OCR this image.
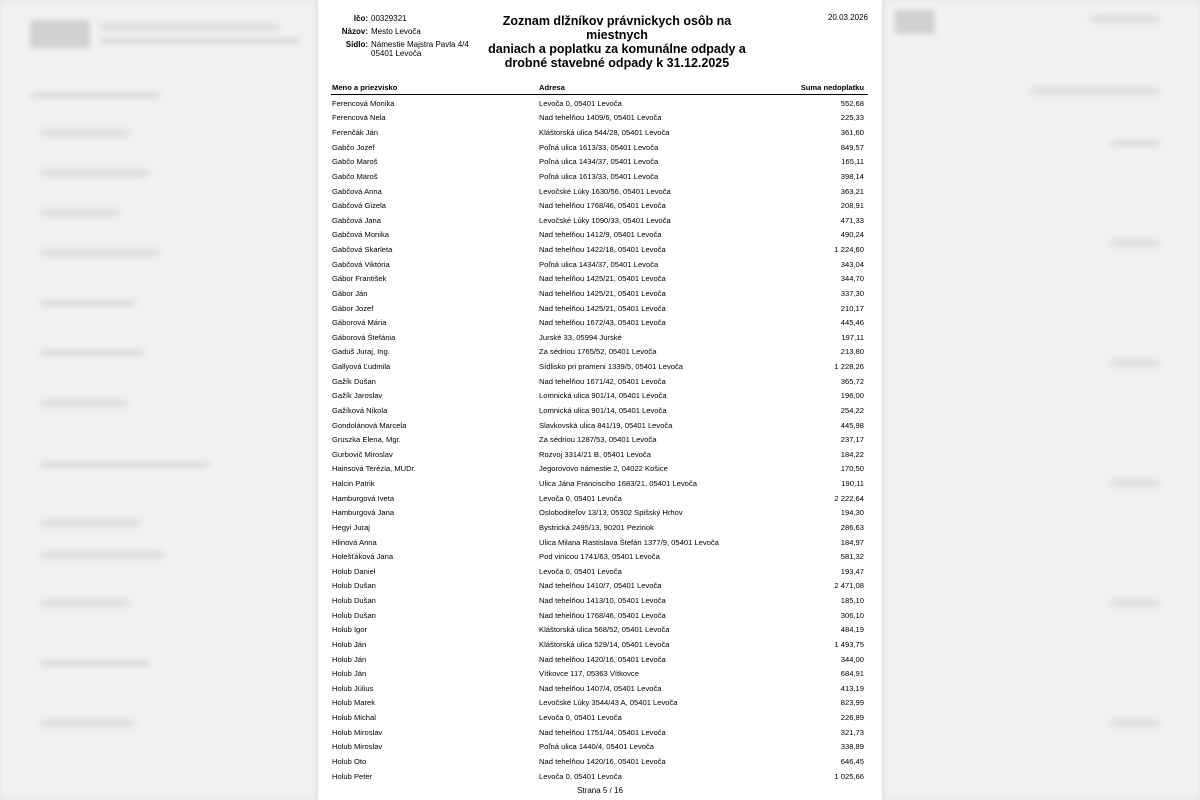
Ičo: 00329321
Názov: Mesto Levoča
Sídlo: Námestie Majstra Pavla 4/4
05401 Levoča
Zoznam dlžníkov právnickych osôb na miestnych
daniach a poplatku za komunálne odpady a
drobné stavebné odpady k 31.12.2025
20.03.2026
Meno a priezvisko	Adresa	Suma nedoplatku
Ferencová Monika	Levoča 0, 05401 Levoča	552,68
Ferencová Nela	Nad tehelňou 1409/6, 05401 Levoča	225,33
Ferenčák Ján	Kláštorská ulica 544/28, 05401 Levoča	361,60
Gabčo Jozef	Poľná ulica 1613/33, 05401 Levoča	849,57
Gabčo Maroš	Poľná ulica 1434/37, 05401 Levoča	165,11
Gabčo Maroš	Poľná ulica 1613/33, 05401 Levoča	398,14
Gabčová Anna	Levočské Lúky 1630/56, 05401 Levoča	363,21
Gabčová Gizela	Nad tehelňou 1768/46, 05401 Levoča	208,91
Gabčová Jana	Levočské Lúky 1090/33, 05401 Levoča	471,33
Gabčová Monika	Nad tehelňou 1412/9, 05401 Levoča	490,24
Gabčová Skarleta	Nad tehelňou 1422/18, 05401 Levoča	1 224,60
Gabčová Viktória	Poľná ulica 1434/37, 05401 Levoča	343,04
Gábor František	Nad tehelňou 1425/21, 05401 Levoča	344,70
Gábor Ján	Nad tehelňou 1425/21, 05401 Levoča	337,30
Gábor Jozef	Nad tehelňou 1425/21, 05401 Levoča	210,17
Gáborová Mária	Nad tehelňou 1672/43, 05401 Levoča	445,46
Gáborová Štefánia	Jurské 33, 05994 Jurské	197,11
Gaduš Juraj, Ing.	Za sédriou 1765/52, 05401 Levoča	213,80
Gallyová Ľudmila	Sídlisko pri prameni 1339/5, 05401 Levoča	1 228,26
Gažík Dušan	Nad tehelňou 1671/42, 05401 Levoča	365,72
Gažík Jaroslav	Lomnická ulica 901/14, 05401 Levoča	196,00
Gažíková Nikola	Lomnická ulica 901/14, 05401 Levoča	254,22
Gondolánová Marcela	Slavkovská ulica 841/19, 05401 Levoča	445,98
Gruszka Elena, Mgr.	Za sédriou 1287/53, 05401 Levoča	237,17
Gurbovič Miroslav	Rozvoj 3314/21 B, 05401 Levoča	184,22
Hainsová Terézia, MUDr.	Jegorovovo námestie 2, 04022 Košice	170,50
Halcin Patrik	Ulica Jána Francisciho 1683/21, 05401 Levoča	190,11
Hamburgová Iveta	Levoča 0, 05401 Levoča	2 222,64
Hamburgová Jana	Osloboditeľov 13/13, 05302 Spišský Hrhov	194,30
Hegyi Juraj	Bystrická 2495/13, 90201 Pezinok	286,63
Hlinová Anna	Ulica Milana Rastislava Štefán 1377/9, 05401 Levoča	184,97
Holešťáková Jana	Pod vinicou 1741/63, 05401 Levoča	581,32
Holub Daniel	Levoča 0, 05401 Levoča	193,47
Holub Dušan	Nad tehelňou 1410/7, 05401 Levoča	2 471,08
Holub Dušan	Nad tehelňou 1413/10, 05401 Levoča	185,10
Holub Dušan	Nad tehelňou 1768/46, 05401 Levoča	306,10
Holub Igor	Kláštorská ulica 568/52, 05401 Levoča	484,19
Holub Ján	Kláštorská ulica 529/14, 05401 Levoča	1 493,75
Holub Ján	Nad tehelňou 1420/16, 05401 Levoča	344,00
Holub Ján	Vítkovce 117, 05363 Vítkovce	684,91
Holub Július	Nad tehelňou 1407/4, 05401 Levoča	413,19
Holub Marek	Levočské Lúky 3544/43 A, 05401 Levoča	823,99
Holub Michal	Levoča 0, 05401 Levoča	226,89
Holub Miroslav	Nad tehelňou 1751/44, 05401 Levoča	321,73
Holub Miroslav	Poľná ulica 1440/4, 05401 Levoča	338,89
Holub Oto	Nad tehelňou 1420/16, 05401 Levoča	646,45
Holub Peter	Levoča 0, 05401 Levoča	1 025,66
Strana 5 / 16
